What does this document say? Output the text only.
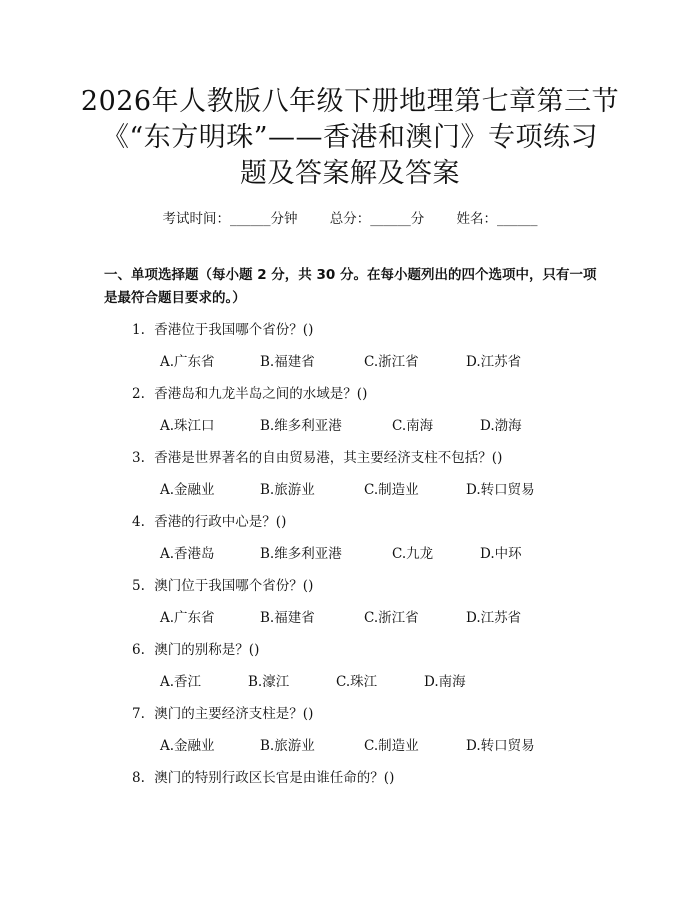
2026年人教版八年级下册地理第七章第三节
《“东方明珠”——香港和澳门》专项练习
题及答案解及答案
考试时间：______分钟 总分：______分 姓名：______
一、单项选择题（每小题 2 分，共 30 分。在每小题列出的四个选项中，只有一项是最符合题目要求的。）
1. 香港位于我国哪个省份？()
A.广东省	B.福建省	C.浙江省	D.江苏省
2. 香港岛和九龙半岛之间的水域是？()
A.珠江口	B.维多利亚港	C.南海	D.渤海
3. 香港是世界著名的自由贸易港，其主要经济支柱不包括？()
A.金融业	B.旅游业	C.制造业	D.转口贸易
4. 香港的行政中心是？()
A.香港岛	B.维多利亚港	C.九龙	D.中环
5. 澳门位于我国哪个省份？()
A.广东省	B.福建省	C.浙江省	D.江苏省
6. 澳门的别称是？()
A.香江	B.濠江	C.珠江	D.南海
7. 澳门的主要经济支柱是？()
A.金融业	B.旅游业	C.制造业	D.转口贸易
8. 澳门的特别行政区长官是由谁任命的？()
